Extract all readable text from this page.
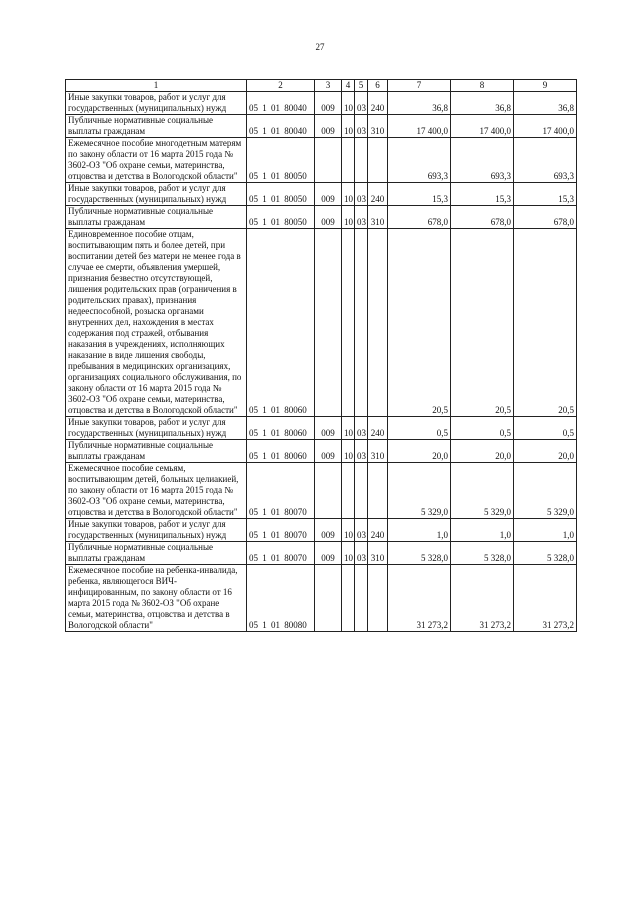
27
1	2	3	4	5	6	7	8	9
Иные закупки товаров, работ и услуг для государственных (муниципальных) нужд	05 1 01 80040	009	10	03	240	36,8	36,8	36,8
Публичные нормативные социальные выплаты гражданам	05 1 01 80040	009	10	03	310	17 400,0	17 400,0	17 400,0
Ежемесячное пособие многодетным матерям по закону области от 16 марта 2015 года № 3602-ОЗ "Об охране семьи, материнства, отцовства и детства в Вологодской области"	05 1 01 80050					693,3	693,3	693,3
Иные закупки товаров, работ и услуг для государственных (муниципальных) нужд	05 1 01 80050	009	10	03	240	15,3	15,3	15,3
Публичные нормативные социальные выплаты гражданам	05 1 01 80050	009	10	03	310	678,0	678,0	678,0
Единовременное пособие отцам, воспитывающим пять и более детей, при воспитании детей без матери не менее года в случае ее смерти, объявления умершей, признания безвестно отсутствующей, лишения родительских прав (ограничения в родительских правах), признания недееспособной, розыска органами внутренних дел, нахождения в местах содержания под стражей, отбывания наказания в учреждениях, исполняющих наказание в виде лишения свободы, пребывания в медицинских организациях, организациях социального обслуживания, по закону области от 16 марта 2015 года № 3602-ОЗ "Об охране семьи, материнства, отцовства и детства в Вологодской области"	05 1 01 80060					20,5	20,5	20,5
Иные закупки товаров, работ и услуг для государственных (муниципальных) нужд	05 1 01 80060	009	10	03	240	0,5	0,5	0,5
Публичные нормативные социальные выплаты гражданам	05 1 01 80060	009	10	03	310	20,0	20,0	20,0
Ежемесячное пособие семьям, воспитывающим детей, больных целиакией, по закону области от 16 марта 2015 года № 3602-ОЗ "Об охране семьи, материнства, отцовства и детства в Вологодской области"	05 1 01 80070					5 329,0	5 329,0	5 329,0
Иные закупки товаров, работ и услуг для государственных (муниципальных) нужд	05 1 01 80070	009	10	03	240	1,0	1,0	1,0
Публичные нормативные социальные выплаты гражданам	05 1 01 80070	009	10	03	310	5 328,0	5 328,0	5 328,0
Ежемесячное пособие на ребенка-инвалида, ребенка, являющегося ВИЧ-инфицированным, по закону области от 16 марта 2015 года № 3602-ОЗ "Об охране семьи, материнства, отцовства и детства в Вологодской области"	05 1 01 80080					31 273,2	31 273,2	31 273,2
